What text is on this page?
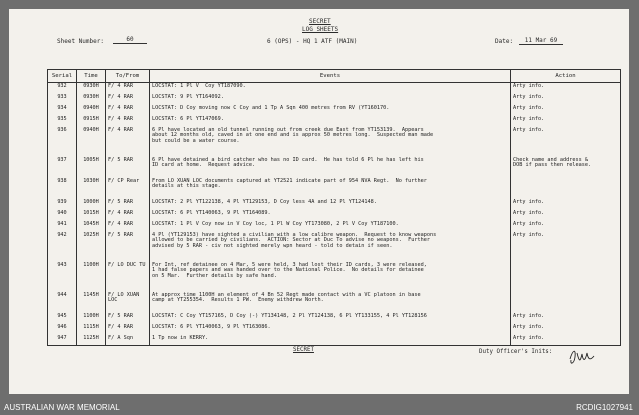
SECRET
LOG SHEETS
Sheet Number:	60	6 (OPS) - HQ 1 ATF (MAIN)	Date:	11 Mar 69
Serial	Time	To/From	Events	Action
932	0930H	F/ 4 RAR	LOCSTAT: 1 Pl V  Coy YT187090.	Arty info.
933	0930H	F/ 4 RAR	LOCSTAT: 9 Pl YT164092.	Arty info.
934	0940H	F/ 4 RAR	LOCSTAT: D Coy moving now C Coy and 1 Tp A Sqn 400 metres from RV (YT160170.	Arty info.
935	0915H	F/ 4 RAR	LOCSTAT: 6 Pl YT147069.	Arty info.
936	0940H	F/ 4 RAR	6 Pl have located an old tunnel running out from creek due East from YT153139.  Appears
about 12 months old, caved in at one end and is approx 50 metres long.  Suspected man made
but could be a water course.	Arty info.
937	1005H	F/ 5 RAR	6 Pl have detained a bird catcher who has no ID card.  He has told 6 Pl he has left his
ID card at home.  Request advice.	Check name and address &
DOB if pass then release.
938	1030H	F/ CP Rear	From LO XUAN LOC documents captured at YT2521 indicate part of 954 NVA Regt.  No further
details at this stage.	
939	1000H	F/ 5 RAR	LOCSTAT: 2 Pl YT122138, 4 Pl YT129153, D Coy less 4A and 12 Pl YT124148.	Arty info.
940	1015H	F/ 4 RAR	LOCSTAT: 6 Pl YT140063, 9 Pl YT164089.	Arty info.
941	1045H	F/ 4 RAR	LOCSTAT: 1 Pl V Coy now in V Coy loc, 1 Pl W Coy YT173080, 2 Pl V Coy YT187100.	Arty info.
942	1025H	F/ 5 RAR	4 Pl (YT129153) have sighted a civilian with a low calibre weapon.  Request to know weapons
allowed to be carried by civilians.  ACTION: Sector at Duc To advise no weapons.  Further
advised by 5 RAR - civ not sighted merely wpn heard - told to detain if seen.	Arty info.
943	1100H	F/ LO DUC TU	For Int, ref detainee on 4 Mar, 5 were held, 3 had lost their ID cards, 3 were released,
1 had false papers and was handed over to the National Police.  No details for detainee
on 5 Mar.  Further details by safe hand.	
944	1145H	F/ LO XUAN LOC	At approx time 1100H an element of 4 Bn 52 Regt made contact with a VC platoon in base
camp at YT255354.  Results 1 PW.  Enemy withdrew North.	
945	1100H	F/ 5 RAR	LOCSTAT: C Coy YT157165, D Coy (-) YT134148, 2 Pl YT124138, 6 Pl YT133155, 4 Pl YT128156	Arty info.
946	1115H	F/ 4 RAR	LOCSTAT: 6 Pl YT140063, 9 Pl YT163086.	Arty info.
947	1125H	F/ A Sqn	1 Tp now in KERRY.	Arty info.
SECRET	Duty Officer's Inits:
AUSTRALIAN WAR MEMORIAL	RCDIG1027941
